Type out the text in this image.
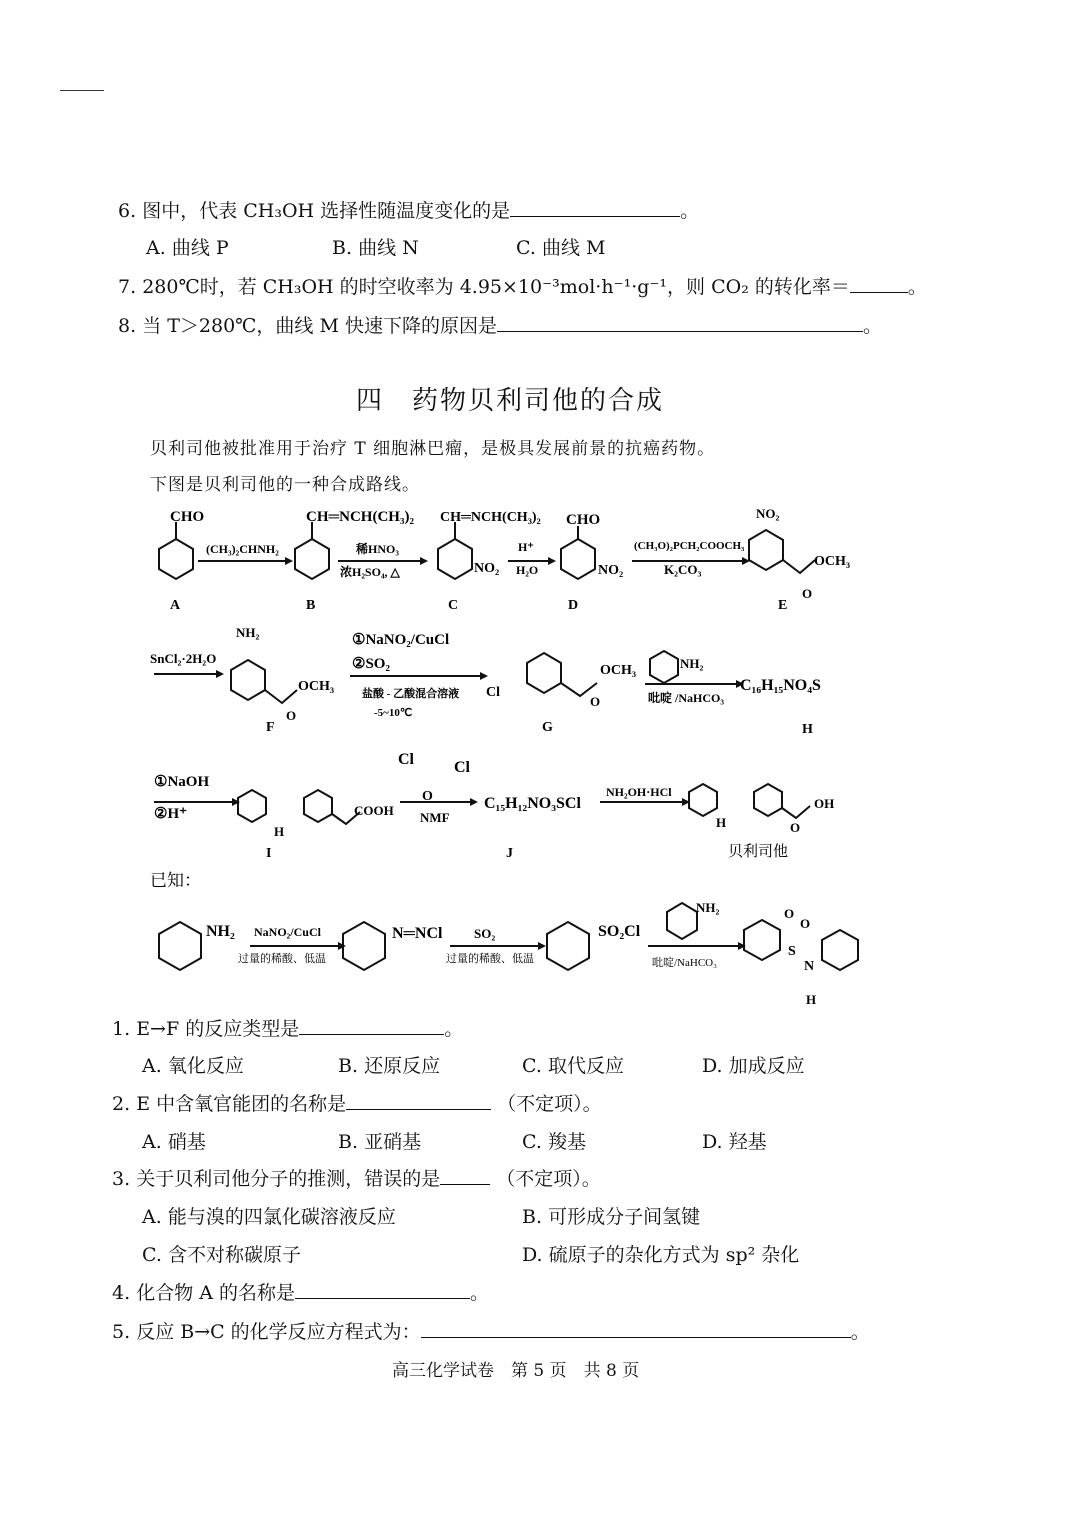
6. 图中，代表 CH₃OH 选择性随温度变化的是	。
A. 曲线 P	B. 曲线 N	C. 曲线 M
7. 280℃时，若 CH₃OH 的时空收率为 4.95×10⁻³mol·h⁻¹·g⁻¹，则 CO₂ 的转化率＝	。
8. 当 T＞280℃，曲线 M 快速下降的原因是	。
四　 药物贝利司他的合成
贝利司他被批准用于治疗 T 细胞淋巴瘤，是极具发展前景的抗癌药物。
下图是贝利司他的一种合成路线。
CHO	CH═NCH(CH₃)₂ CH═NCH(CH₃)₂
NO₂
CHO
NO₂
NO₂
OCH₃
O
NH₂
OCH₃
O
Cl
OCH₃
O
COOH
H
Cl	Cl
O
H
OH
O
(CH₃)₂CHNH₂	稀HNO₃
浓H₂SO₄, △
H⁺
H₂O
(CH₃O)₂PCH₂COOCH₃
K₂CO₃
SnCl₂·2H₂O
①NaNO₂/CuCl
②SO₂
盐酸 - 乙酸混合溶液
-5~10℃
NH₂
吡啶 /NaHCO₃
①NaOH
②H⁺	NMF
NH₂OH·HCl
C₁₆H₁₅NO₄S
C₁₅H₁₂NO₃SCl
A	B	C	D	E
F	G	H
I	J	贝利司他
已知：
NH₂ NaNO₂/CuCl
过量的稀酸、低温
N═NCl SO₂
过量的稀酸、低温
SO₂Cl
NH₂
吡啶/NaHCO₃
O
O
S
N
H
1. E→F 的反应类型是	。
A. 氧化反应	B. 还原反应	C. 取代反应	D. 加成反应
2. E 中含氧官能团的名称是	（不定项）。
A. 硝基	B. 亚硝基	C. 羧基	D. 羟基
3. 关于贝利司他分子的推测，错误的是	（不定项）。
A. 能与溴的四氯化碳溶液反应	B. 可形成分子间氢键
C. 含不对称碳原子	D. 硫原子的杂化方式为 sp² 杂化
4. 化合物 A 的名称是	。
5. 反应 B→C 的化学反应方程式为：	。
高三化学试卷　第 5 页　共 8 页
